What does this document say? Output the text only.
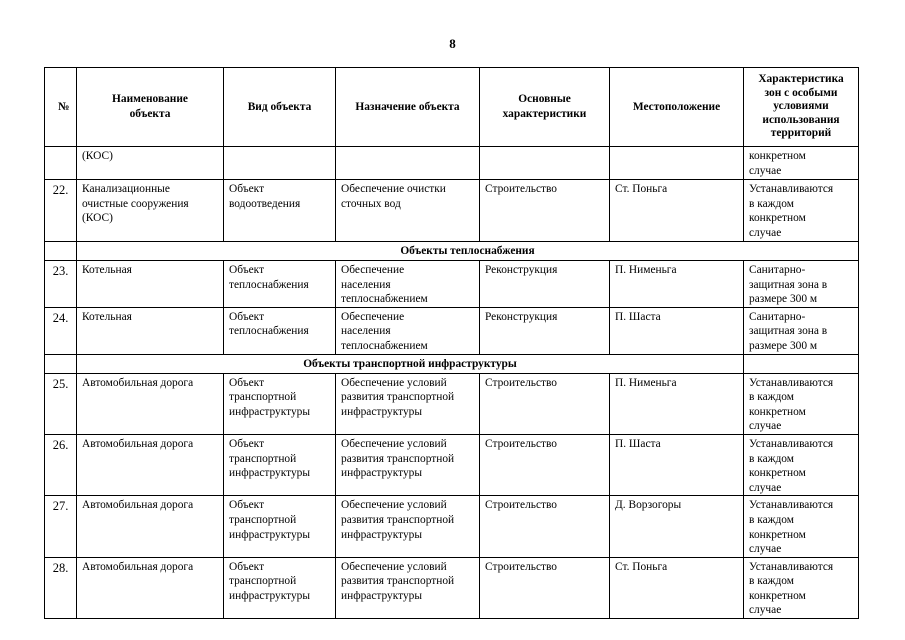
8
№	Наименование
объекта	Вид объекта	Назначение объекта	Основные
характеристики	Местоположение	Характеристика
зон с особыми
условиями
использования
территорий
	(КОС)					конкретном
случае
22.	Канализационные
очистные сооружения
(КОС)	Объект
водоотведения	Обеспечение очистки
сточных вод	Строительство	Ст. Поньга	Устанавливаются
в каждом
конкретном
случае
	Объекты теплоснабжения					
23.	Котельная	Объект
теплоснабжения	Обеспечение
населения
теплоснабжением	Реконструкция	П. Нименьга	Санитарно-
защитная зона в
размере 300 м
24.	Котельная	Объект
теплоснабжения	Обеспечение
населения
теплоснабжением	Реконструкция	П. Шаста	Санитарно-
защитная зона в
размере 300 м
	Объекты транспортной инфраструктуры					
25.	Автомобильная дорога	Объект
транспортной
инфраструктуры	Обеспечение условий
развития транспортной
инфраструктуры	Строительство	П. Нименьга	Устанавливаются
в каждом
конкретном
случае
26.	Автомобильная дорога	Объект
транспортной
инфраструктуры	Обеспечение условий
развития транспортной
инфраструктуры	Строительство	П. Шаста	Устанавливаются
в каждом
конкретном
случае
27.	Автомобильная дорога	Объект
транспортной
инфраструктуры	Обеспечение условий
развития транспортной
инфраструктуры	Строительство	Д. Ворзогоры	Устанавливаются
в каждом
конкретном
случае
28.	Автомобильная дорога	Объект
транспортной
инфраструктуры	Обеспечение условий
развития транспортной
инфраструктуры	Строительство	Ст. Поньга	Устанавливаются
в каждом
конкретном
случае
